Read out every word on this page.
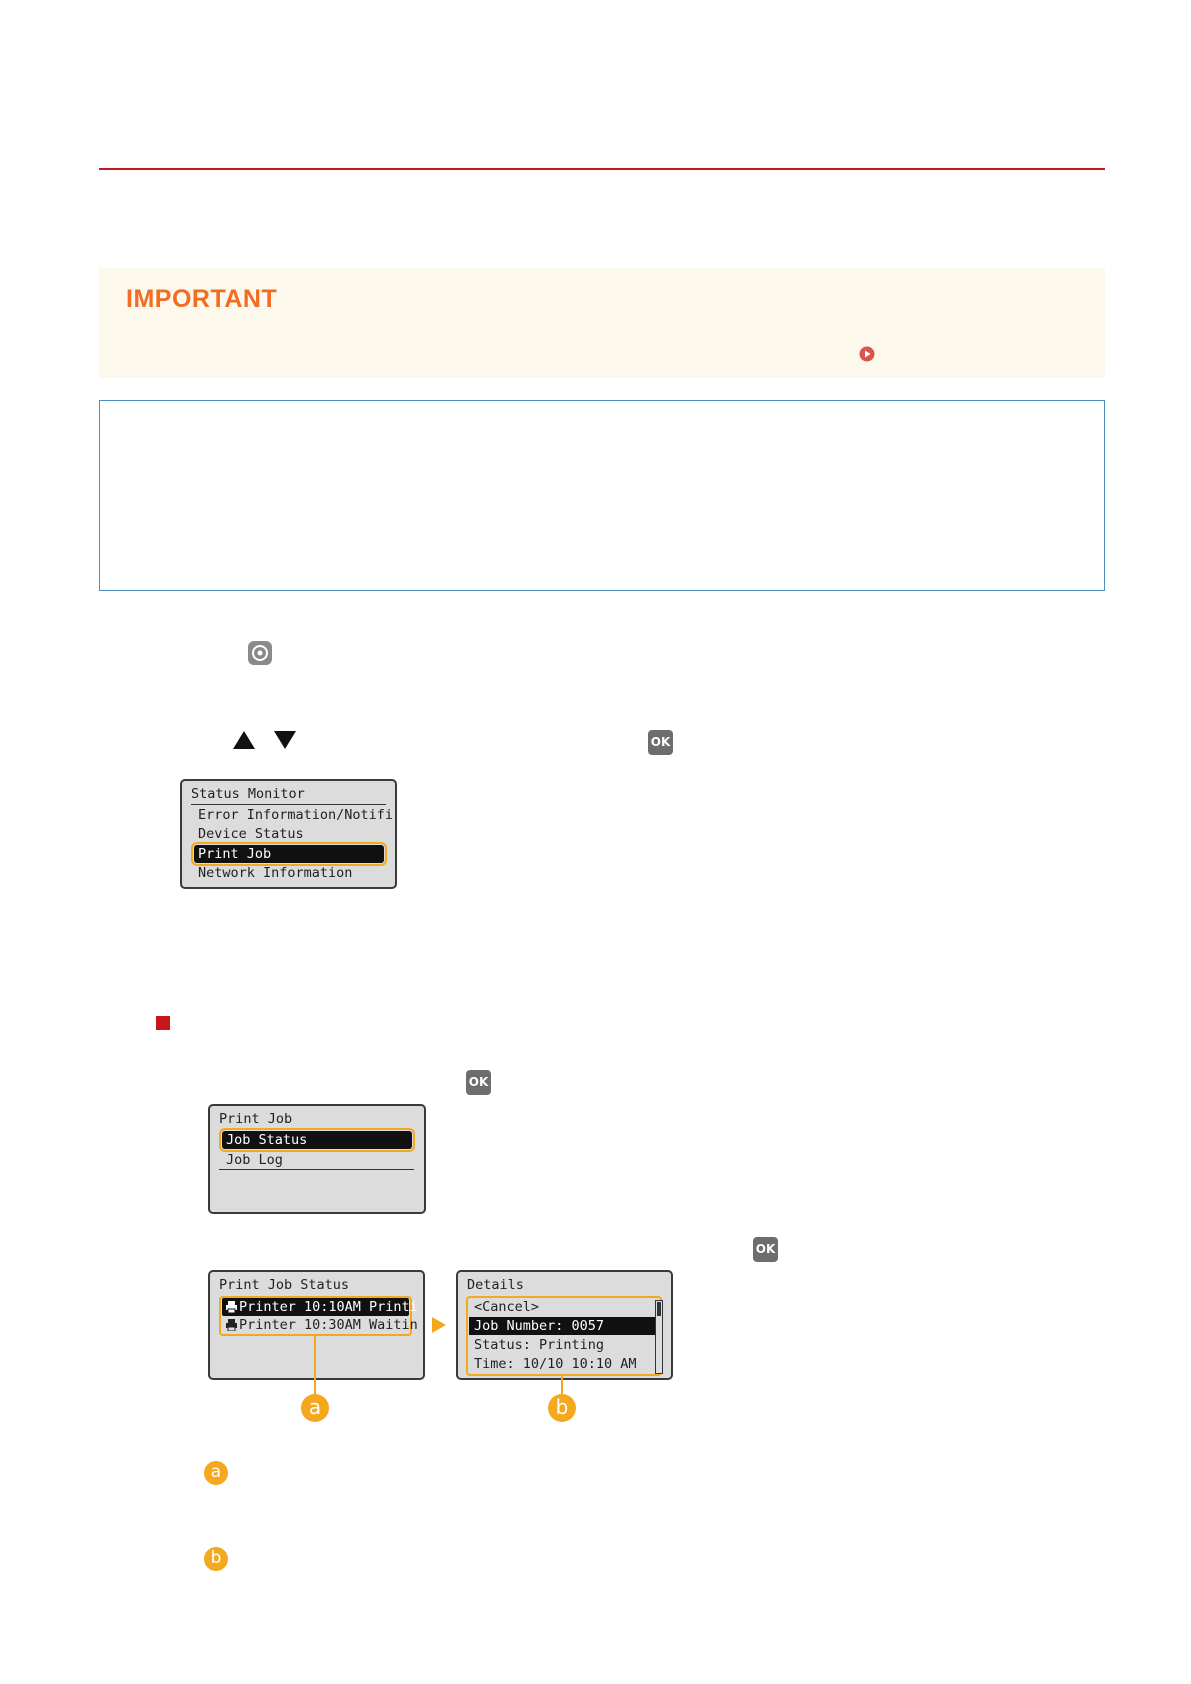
IMPORTANT
OK
Status Monitor
Error Information/Notifi
Device Status
Print Job
Network Information
OK
Print Job
Job Status
Job Log
OK
Print Job Status
Printer 10:10AM Printi
Printer 10:30AM Waitin
Details
<Cancel>
Job Number: 0057
Status: Printing
Time: 10/10 10:10 AM
a	b
a
b
